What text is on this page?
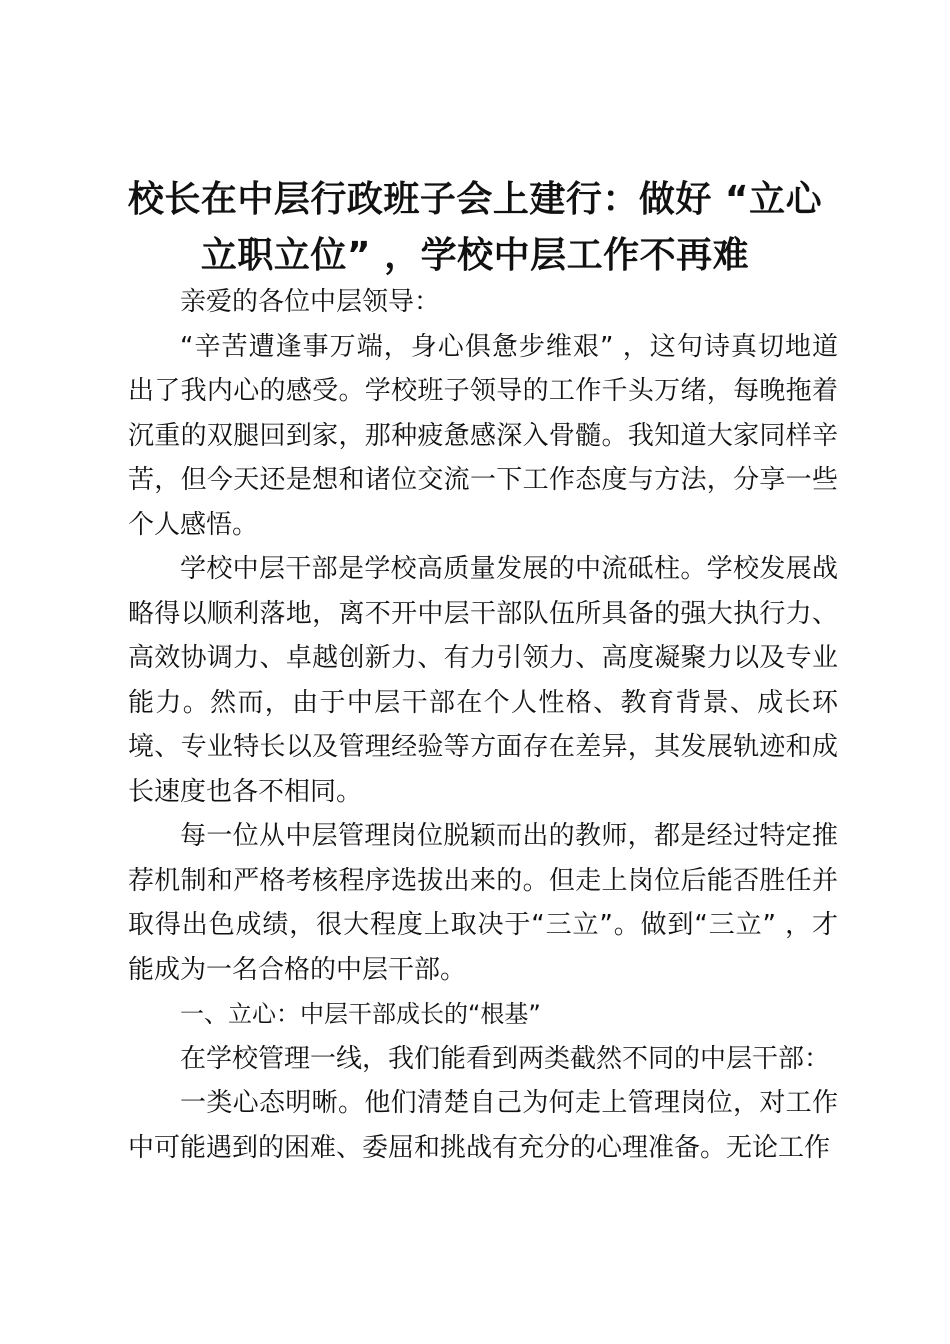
校长在中层行政班子会上建行：做好 “立心
立职立位” ，学校中层工作不再难

亲爱的各位中层领导：

“辛苦遭逢事万端，身心俱惫步维艰” ，这句诗真切地道出了我内心的感受。学校班子领导的工作千头万绪，每晚拖着沉重的双腿回到家，那种疲惫感深入骨髓。我知道大家同样辛苦，但今天还是想和诸位交流一下工作态度与方法，分享一些个人感悟。

学校中层干部是学校高质量发展的中流砥柱。学校发展战略得以顺利落地，离不开中层干部队伍所具备的强大执行力、高效协调力、卓越创新力、有力引领力、高度凝聚力以及专业能力。然而，由于中层干部在个人性格、教育背景、成长环境、专业特长以及管理经验等方面存在差异，其发展轨迹和成长速度也各不相同。

每一位从中层管理岗位脱颖而出的教师，都是经过特定推荐机制和严格考核程序选拔出来的。但走上岗位后能否胜任并取得出色成绩，很大程度上取决于“三立”。做到“三立” ，才能成为一名合格的中层干部。

一、立心：中层干部成长的“根基”

在学校管理一线，我们能看到两类截然不同的中层干部：

一类心态明晰。他们清楚自己为何走上管理岗位，对工作中可能遇到的困难、委屈和挑战有充分的心理准备。无论工作
